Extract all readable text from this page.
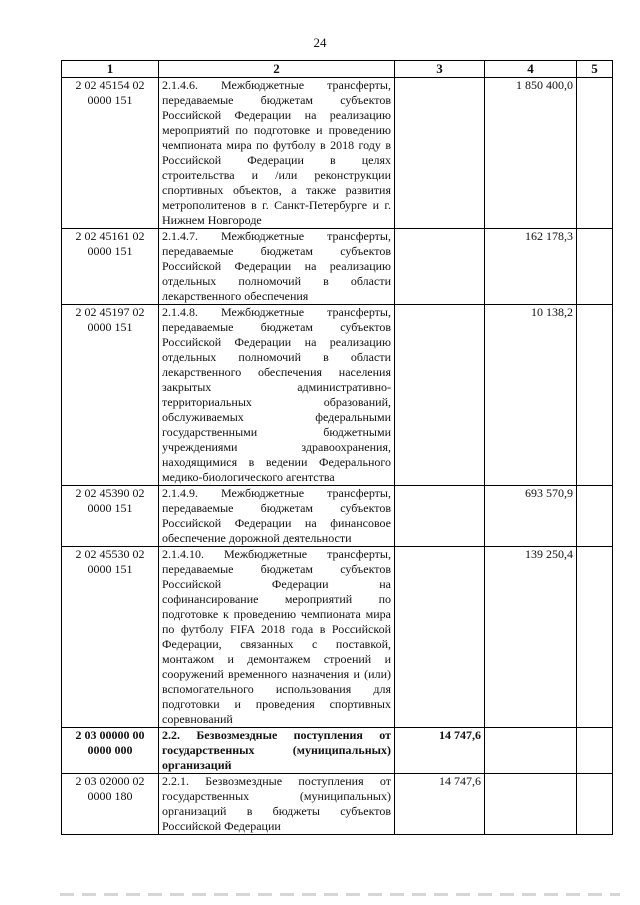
24
1	2	3	4	5

2 02 45154 02
0000 151	2.1.4.6. Межбюджетные трансферты, передаваемые бюджетам субъектов Российской Федерации на реализацию мероприятий по подготовке и проведению чемпионата мира по футболу в 2018 году в Российской Федерации в целях строительства и /или реконструкции спортивных объектов, а также развития метрополитенов в г. Санкт-Петербурге и г. Нижнем Новгороде		1 850 400,0	

2 02 45161 02
0000 151	2.1.4.7. Межбюджетные трансферты, передаваемые бюджетам субъектов Российской Федерации на реализацию отдельных полномочий в области лекарственного обеспечения		162 178,3	

2 02 45197 02
0000 151	2.1.4.8. Межбюджетные трансферты, передаваемые бюджетам субъектов Российской Федерации на реализацию отдельных полномочий в области лекарственного обеспечения населения закрытых административно-территориальных образований, обслуживаемых федеральными государственными бюджетными учреждениями здравоохранения, находящимися в ведении Федерального медико-биологического агентства		10 138,2	

2 02 45390 02
0000 151	2.1.4.9. Межбюджетные трансферты, передаваемые бюджетам субъектов Российской Федерации на финансовое обеспечение дорожной деятельности		693 570,9	

2 02 45530 02
0000 151	2.1.4.10. Межбюджетные трансферты, передаваемые бюджетам субъектов Российской Федерации на софинансирование мероприятий по подготовке к проведению чемпионата мира по футболу FIFA 2018 года в Российской Федерации, связанных с поставкой, монтажом и демонтажем строений и сооружений временного назначения и (или) вспомогательного использования для подготовки и проведения спортивных соревнований		139 250,4	

2 03 00000 00
0000 000	2.2. Безвозмездные поступления от государственных (муниципальных) организаций	14 747,6		

2 03 02000 02
0000 180	2.2.1. Безвозмездные поступления от государственных (муниципальных) организаций в бюджеты субъектов Российской Федерации	14 747,6		
